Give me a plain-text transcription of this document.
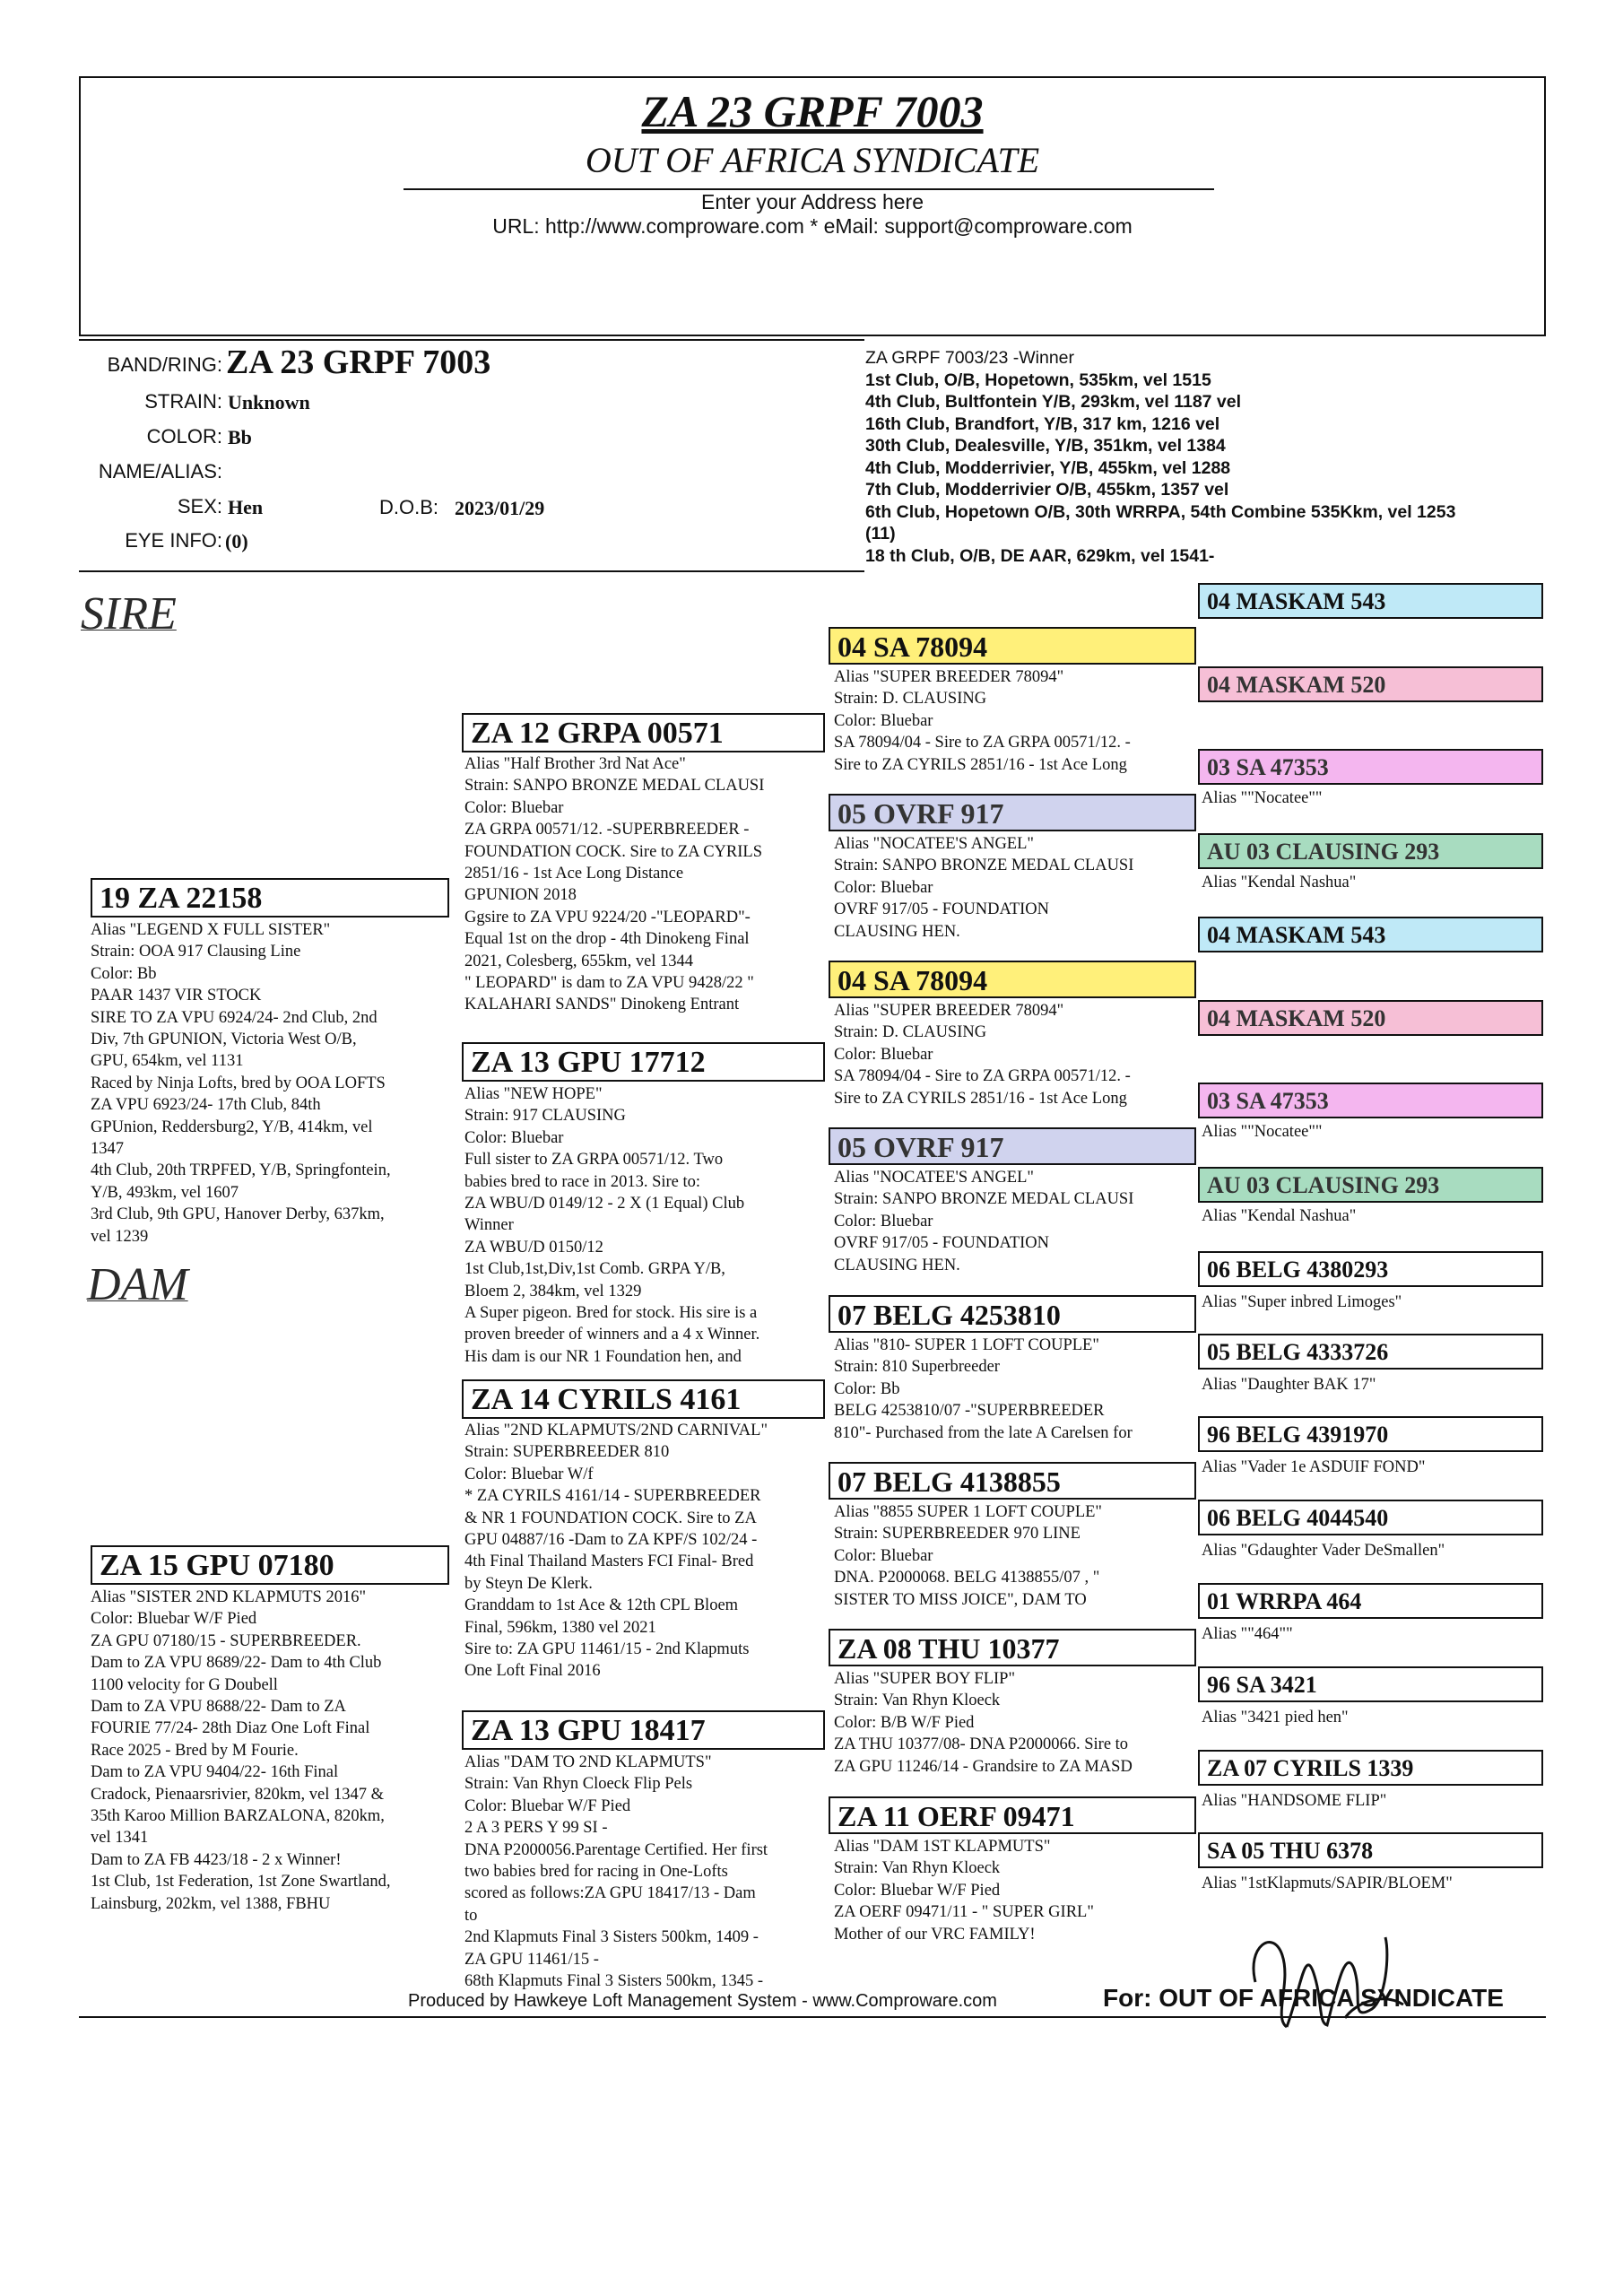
ZA 23 GRPF 7003
OUT OF AFRICA SYNDICATE
Enter your Address here
URL: http://www.comproware.com * eMail: support@comproware.com
BAND/RING: ZA 23 GRPF 7003
STRAIN: Unknown
COLOR: Bb
NAME/ALIAS:
SEX: Hen	D.O.B: 2023/01/29
EYE INFO: (0)
ZA GRPF 7003/23 -Winner
1st Club, O/B, Hopetown, 535km, vel 1515
4th Club, Bultfontein Y/B, 293km, vel 1187 vel
16th Club, Brandfort, Y/B, 317 km, 1216 vel
30th Club, Dealesville, Y/B, 351km, vel 1384
4th Club, Modderrivier, Y/B, 455km, vel 1288
7th Club, Modderrivier O/B, 455km, 1357 vel
6th Club, Hopetown O/B, 30th WRRPA, 54th Combine 535Kkm, vel 1253
(11)
18 th Club, O/B, DE AAR, 629km, vel 1541-
SIRE
DAM
19 ZA 22158
Alias "LEGEND X FULL SISTER"
Strain: OOA 917 Clausing Line
Color: Bb
PAAR 1437 VIR STOCK
SIRE TO ZA VPU 6924/24- 2nd Club, 2nd
Div, 7th GPUNION, Victoria West O/B,
GPU, 654km, vel 1131
Raced by Ninja Lofts, bred by OOA LOFTS
ZA VPU 6923/24- 17th Club, 84th
GPUnion, Reddersburg2, Y/B, 414km, vel
1347
4th Club, 20th TRPFED, Y/B, Springfontein,
Y/B, 493km, vel 1607
3rd Club, 9th GPU, Hanover Derby, 637km,
vel 1239
ZA 15 GPU 07180
Alias "SISTER 2ND KLAPMUTS 2016"
Color: Bluebar W/F Pied
ZA GPU 07180/15 - SUPERBREEDER.
Dam to ZA VPU 8689/22- Dam to 4th Club
1100 velocity for G Doubell
Dam to ZA VPU 8688/22- Dam to ZA
FOURIE 77/24- 28th Diaz One Loft Final
Race 2025 - Bred by M Fourie.
Dam to ZA VPU 9404/22- 16th Final
Cradock, Pienaarsrivier, 820km, vel 1347 &
35th Karoo Million BARZALONA, 820km,
vel 1341
Dam to ZA FB 4423/18 - 2 x Winner!
1st Club, 1st Federation, 1st Zone Swartland,
Lainsburg, 202km, vel 1388, FBHU
ZA 12 GRPA 00571
Alias "Half Brother 3rd Nat Ace"
Strain: SANPO BRONZE MEDAL CLAUSI
Color: Bluebar
ZA GRPA 00571/12. -SUPERBREEDER -
FOUNDATION COCK. Sire to ZA CYRILS
2851/16 - 1st Ace Long Distance
GPUNION 2018
Ggsire to ZA VPU 9224/20 -"LEOPARD"-
Equal 1st on the drop - 4th Dinokeng Final
2021, Colesberg, 655km, vel 1344
" LEOPARD" is dam to ZA VPU 9428/22 "
KALAHARI SANDS" Dinokeng Entrant
ZA 13 GPU 17712
Alias "NEW HOPE"
Strain: 917 CLAUSING
Color: Bluebar
Full sister to ZA GRPA 00571/12. Two
babies bred to race in 2013. Sire to:
ZA WBU/D 0149/12 - 2 X (1 Equal) Club
Winner
ZA WBU/D 0150/12
1st Club,1st,Div,1st Comb. GRPA Y/B,
Bloem 2, 384km, vel 1329
A Super pigeon. Bred for stock. His sire is a
proven breeder of winners and a 4 x Winner.
His dam is our NR 1 Foundation hen, and
ZA 14 CYRILS 4161
Alias "2ND KLAPMUTS/2ND CARNIVAL"
Strain: SUPERBREEDER 810
Color: Bluebar W/f
* ZA CYRILS 4161/14 - SUPERBREEDER
& NR 1 FOUNDATION COCK. Sire to ZA
GPU 04887/16 -Dam to ZA KPF/S 102/24 -
4th Final Thailand Masters FCI Final- Bred
by Steyn De Klerk.
Granddam to 1st Ace & 12th CPL Bloem
Final, 596km, 1380 vel 2021
Sire to: ZA GPU 11461/15 - 2nd Klapmuts
One Loft Final 2016
ZA 13 GPU 18417
Alias "DAM TO 2ND KLAPMUTS"
Strain: Van Rhyn Cloeck Flip Pels
Color: Bluebar W/F Pied
2 A 3 PERS Y 99 SI -
DNA P2000056.Parentage Certified. Her first
two babies bred for racing in One-Lofts
scored as follows:ZA GPU 18417/13 - Dam
to
2nd Klapmuts Final 3 Sisters 500km, 1409 -
ZA GPU 11461/15 -
68th Klapmuts Final 3 Sisters 500km, 1345 -
04 SA 78094
Alias "SUPER BREEDER 78094"
Strain: D. CLAUSING
Color: Bluebar
SA 78094/04 - Sire to ZA GRPA 00571/12. -
Sire to ZA CYRILS 2851/16 - 1st Ace Long
05 OVRF 917
Alias "NOCATEE'S ANGEL"
Strain: SANPO BRONZE MEDAL CLAUSI
Color: Bluebar
OVRF 917/05 - FOUNDATION
CLAUSING HEN.
04 SA 78094
Alias "SUPER BREEDER 78094"
Strain: D. CLAUSING
Color: Bluebar
SA 78094/04 - Sire to ZA GRPA 00571/12. -
Sire to ZA CYRILS 2851/16 - 1st Ace Long
05 OVRF 917
Alias "NOCATEE'S ANGEL"
Strain: SANPO BRONZE MEDAL CLAUSI
Color: Bluebar
OVRF 917/05 - FOUNDATION
CLAUSING HEN.
07 BELG 4253810
Alias "810- SUPER 1 LOFT COUPLE"
Strain: 810 Superbreeder
Color: Bb
BELG 4253810/07 -"SUPERBREEDER
810"- Purchased from the late A Carelsen for
07 BELG 4138855
Alias "8855 SUPER 1 LOFT COUPLE"
Strain: SUPERBREEDER 970 LINE
Color: Bluebar
DNA. P2000068. BELG 4138855/07 , "
SISTER TO MISS JOICE", DAM TO
ZA 08 THU 10377
Alias "SUPER BOY FLIP"
Strain: Van Rhyn Kloeck
Color: B/B W/F Pied
ZA THU 10377/08- DNA P2000066. Sire to
ZA GPU 11246/14 - Grandsire to ZA MASD
ZA 11 OERF 09471
Alias "DAM 1ST KLAPMUTS"
Strain: Van Rhyn Kloeck
Color: Bluebar W/F Pied
ZA OERF 09471/11 - " SUPER GIRL"
Mother of our VRC FAMILY!
04 MASKAM 543
04 MASKAM 520
03 SA 47353
Alias ""Nocatee""
AU 03 CLAUSING 293
Alias "Kendal Nashua"
04 MASKAM 543
04 MASKAM 520
03 SA 47353
Alias ""Nocatee""
AU 03 CLAUSING 293
Alias "Kendal Nashua"
06 BELG 4380293
Alias "Super inbred Limoges"
05 BELG 4333726
Alias "Daughter BAK 17"
96 BELG 4391970
Alias "Vader 1e ASDUIF FOND"
06 BELG 4044540
Alias "Gdaughter Vader DeSmallen"
01 WRRPA 464
Alias ""464""
96 SA 3421
Alias "3421 pied hen"
ZA 07 CYRILS 1339
Alias "HANDSOME FLIP"
SA 05 THU 6378
Alias "1stKlapmuts/SAPIR/BLOEM"
Produced by Hawkeye Loft Management System - www.Comproware.com	For: OUT OF AFRICA SYNDICATE
